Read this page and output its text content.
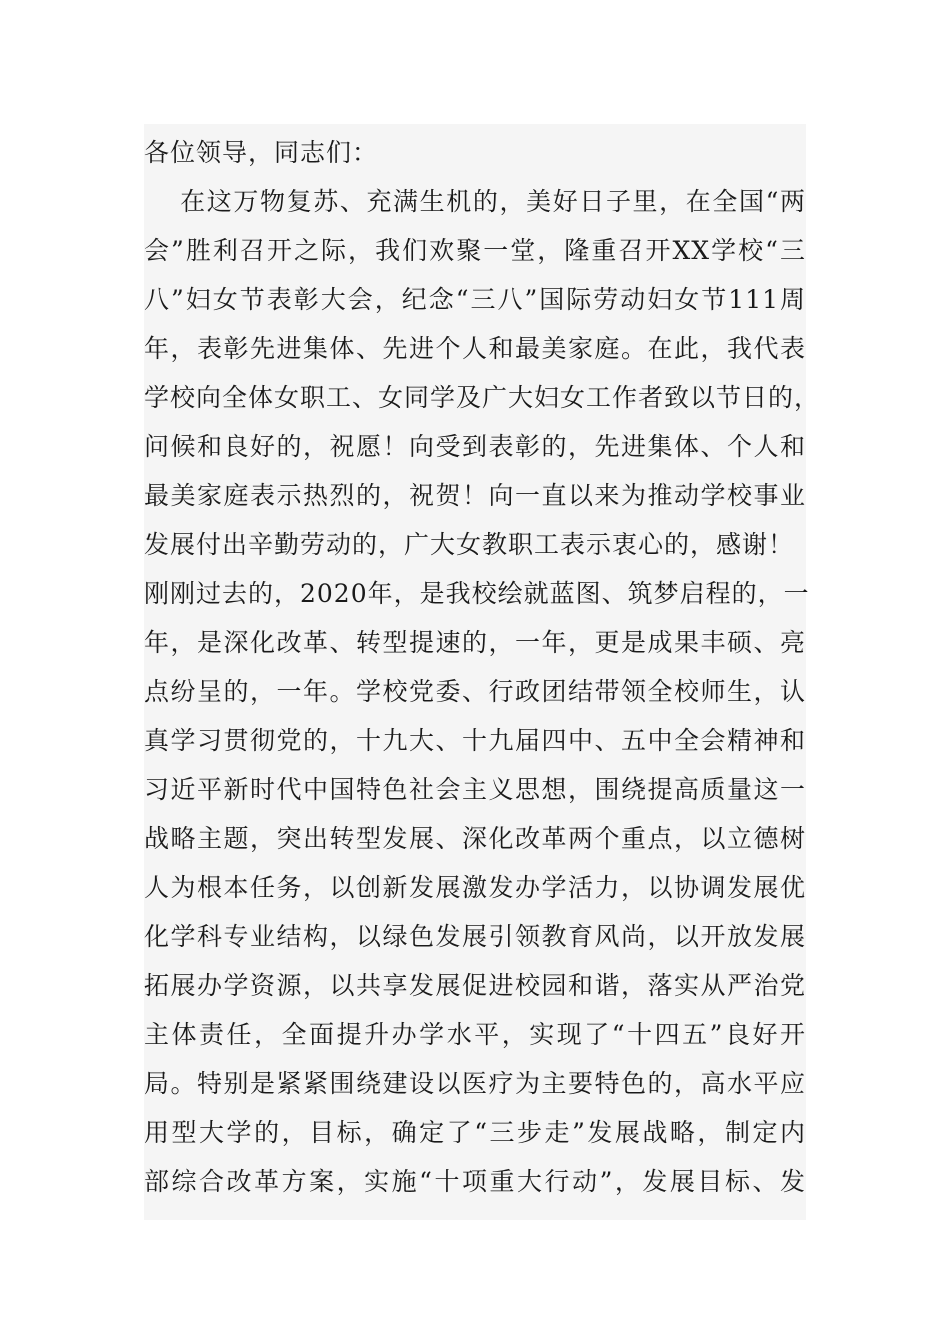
各位领导，同志们：
　 在这万物复苏、充满生机的，美好日子里，在全国“两
会”胜利召开之际，我们欢聚一堂，隆重召开XX学校“三
八”妇女节表彰大会，纪念“三八”国际劳动妇女节111周
年，表彰先进集体、先进个人和最美家庭。在此，我代表
学校向全体女职工、女同学及广大妇女工作者致以节日的，
问候和良好的，祝愿！向受到表彰的，先进集体、个人和
最美家庭表示热烈的，祝贺！向一直以来为推动学校事业
发展付出辛勤劳动的，广大女教职工表示衷心的，感谢！
刚刚过去的，2020年，是我校绘就蓝图、筑梦启程的，一
年，是深化改革、转型提速的，一年，更是成果丰硕、亮
点纷呈的，一年。学校党委、行政团结带领全校师生，认
真学习贯彻党的，十九大、十九届四中、五中全会精神和
习近平新时代中国特色社会主义思想，围绕提高质量这一
战略主题，突出转型发展、深化改革两个重点，以立德树
人为根本任务，以创新发展激发办学活力，以协调发展优
化学科专业结构，以绿色发展引领教育风尚，以开放发展
拓展办学资源，以共享发展促进校园和谐，落实从严治党
主体责任，全面提升办学水平，实现了“十四五”良好开
局。特别是紧紧围绕建设以医疗为主要特色的，高水平应
用型大学的，目标，确定了“三步走”发展战略，制定内
部综合改革方案，实施“十项重大行动”，发展目标、发
